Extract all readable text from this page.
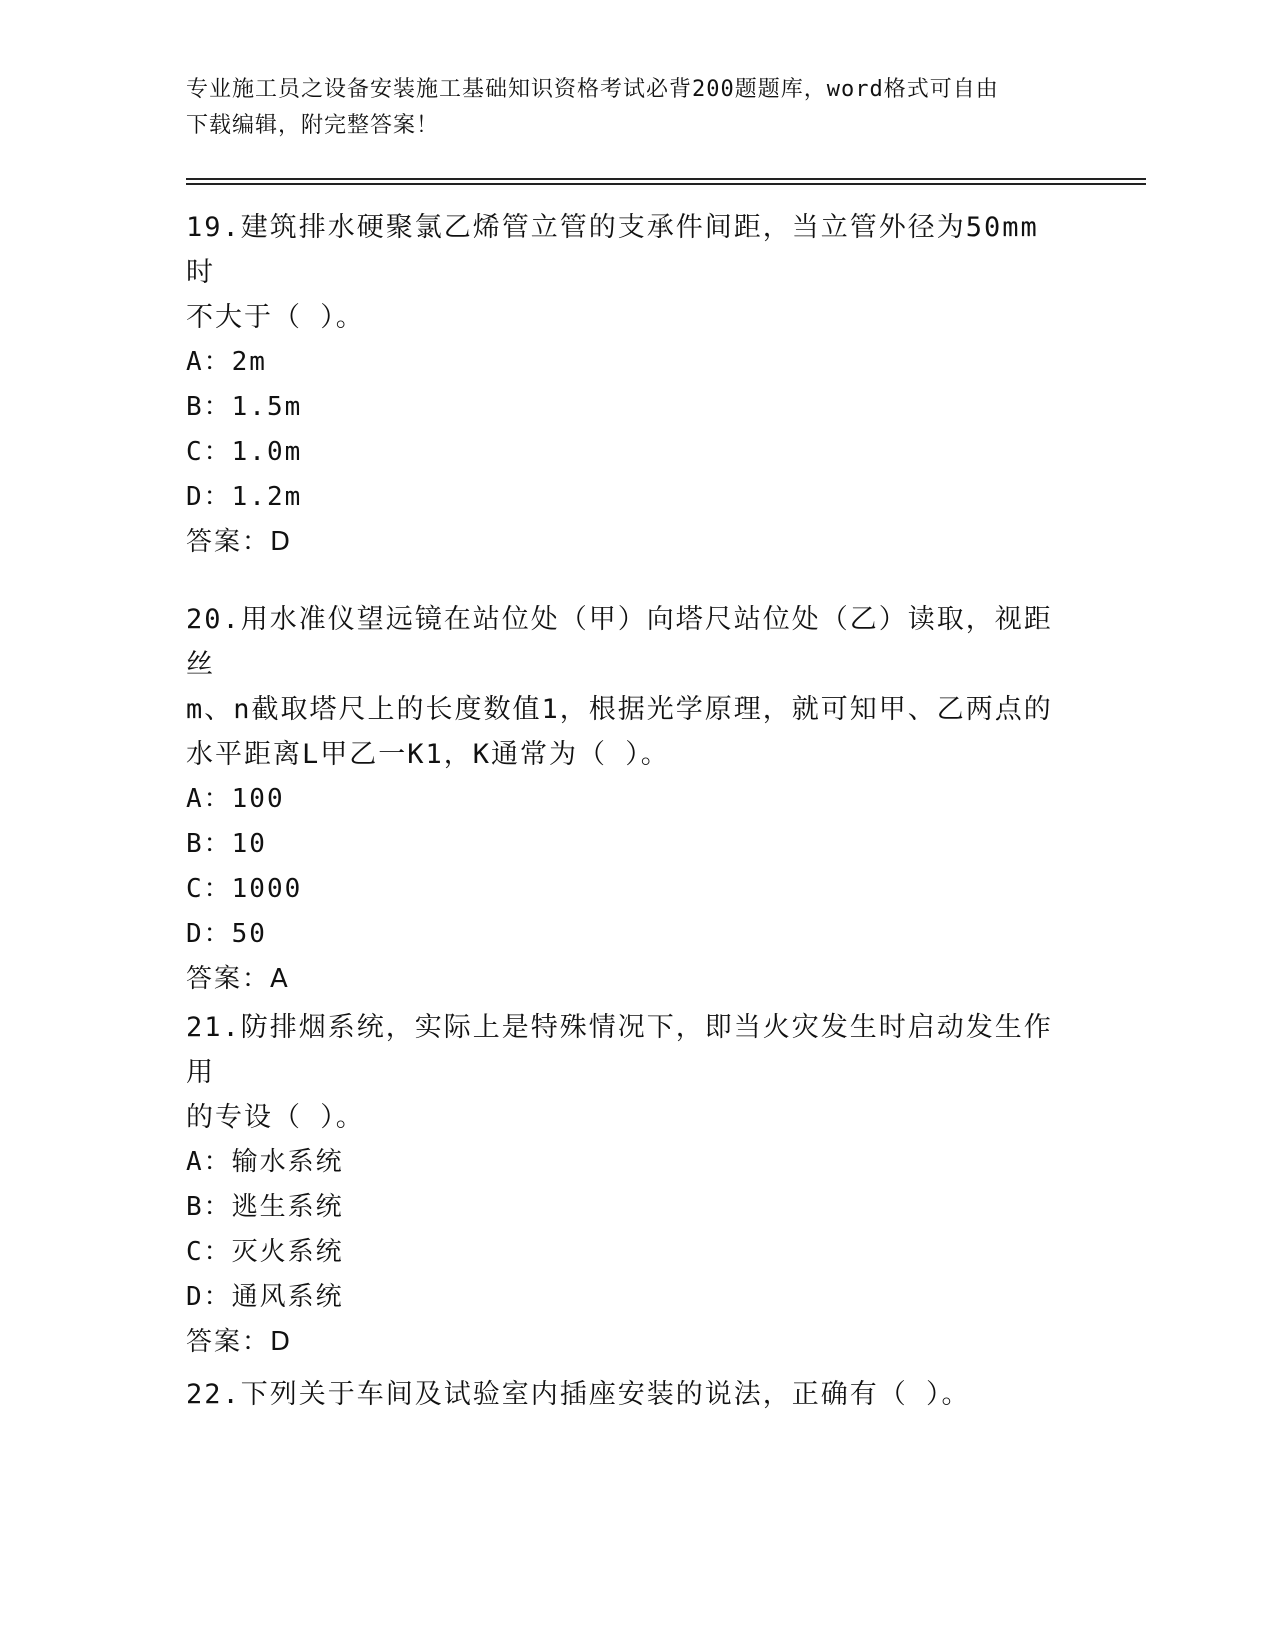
专业施工员之设备安装施工基础知识资格考试必背200题题库，word格式可自由
下载编辑，附完整答案！

19.建筑排水硬聚氯乙烯管立管的支承件间距，当立管外径为50mm时
不大于（ ）。

A：2m
B：1.5m
C：1.0m
D：1.2m
答案：D

20.用水准仪望远镜在站位处（甲）向塔尺站位处（乙）读取，视距丝
m、n截取塔尺上的长度数值1，根据光学原理，就可知甲、乙两点的
水平距离L甲乙一K1，K通常为（ ）。

A：100
B：10
C：1000
D：50
答案：A

21.防排烟系统，实际上是特殊情况下，即当火灾发生时启动发生作用
的专设（ ）。

A：输水系统
B：逃生系统
C：灭火系统
D：通风系统
答案：D

22.下列关于车间及试验室内插座安装的说法，正确有（ ）。
